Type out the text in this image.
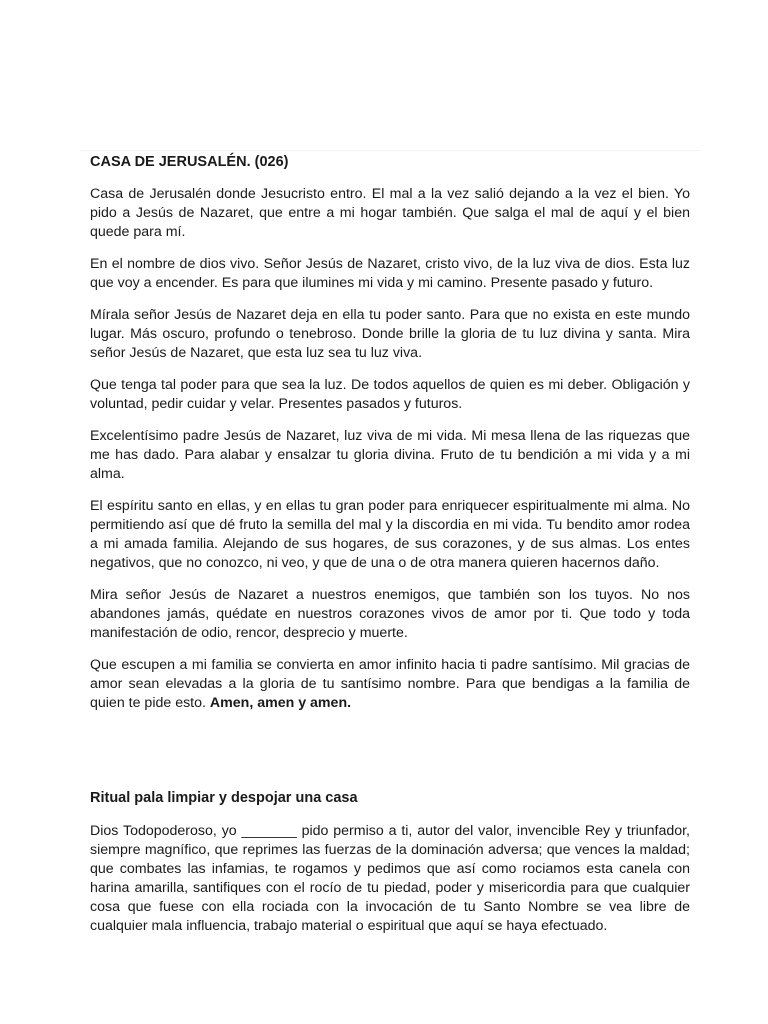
CASA DE JERUSALÉN. (026)

Casa de Jerusalén donde Jesucristo entro. El mal a la vez salió dejando a la vez el bien. Yo pido a Jesús de Nazaret, que entre a mi hogar también. Que salga el mal de aquí y el bien quede para mí.

En el nombre de dios vivo. Señor Jesús de Nazaret, cristo vivo, de la luz viva de dios. Esta luz que voy a encender. Es para que ilumines mi vida y mi camino. Presente pasado y futuro.

Mírala señor Jesús de Nazaret deja en ella tu poder santo. Para que no exista en este mundo lugar. Más oscuro, profundo o tenebroso. Donde brille la gloria de tu luz divina y santa. Mira señor Jesús de Nazaret, que esta luz sea tu luz viva.

Que tenga tal poder para que sea la luz. De todos aquellos de quien es mi deber. Obligación y voluntad, pedir cuidar y velar. Presentes pasados y futuros.

Excelentísimo padre Jesús de Nazaret, luz viva de mi vida. Mi mesa llena de las riquezas que me has dado. Para alabar y ensalzar tu gloria divina. Fruto de tu bendición a mi vida y a mi alma.

El espíritu santo en ellas, y en ellas tu gran poder para enriquecer espiritualmente mi alma. No permitiendo así que dé fruto la semilla del mal y la discordia en mi vida. Tu bendito amor rodea a mi amada familia. Alejando de sus hogares, de sus corazones, y de sus almas. Los entes negativos, que no conozco, ni veo, y que de una o de otra manera quieren hacernos daño.

Mira señor Jesús de Nazaret a nuestros enemigos, que también son los tuyos. No nos abandones jamás, quédate en nuestros corazones vivos de amor por ti. Que todo y toda manifestación de odio, rencor, desprecio y muerte.

Que escupen a mi familia se convierta en amor infinito hacia ti padre santísimo. Mil gracias de amor sean elevadas a la gloria de tu santísimo nombre. Para que bendigas a la familia de quien te pide esto. Amen, amen y amen.

Ritual pala limpiar y despojar una casa

Dios Todopoderoso, yo _______ pido permiso a ti, autor del valor, invencible Rey y triunfador, siempre magnífico, que reprimes las fuerzas de la dominación adversa; que vences la maldad; que combates las infamias, te rogamos y pedimos que así como rociamos esta canela con harina amarilla, santifiques con el rocío de tu piedad, poder y misericordia para que cualquier cosa que fuese con ella rociada con la invocación de tu Santo Nombre se vea libre de cualquier mala influencia, trabajo material o espiritual que aquí se haya efectuado.
